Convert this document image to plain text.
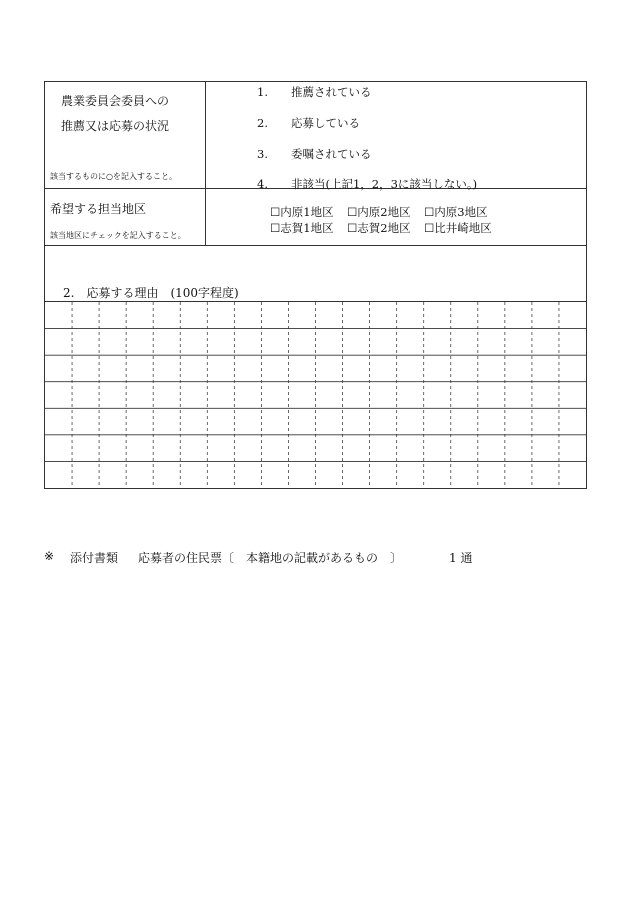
農業委員会委員への
推薦又は応募の状況
該当するものに○を記入すること。
1.　　推薦されている
2.　　応募している
3.　　委嘱されている
4.　　非該当(上記1，2，3に該当しない。)
希望する担当地区
該当地区にチェックを記入すること。
☐内原1地区 ☐内原2地区 ☐内原3地区
☐志賀1地区 ☐志賀2地区 ☐比井崎地区
2.　応募する理由　(100字程度)
※ 添付書類 応募者の住民票〔　本籍地の記載があるもの　〕	1 通
